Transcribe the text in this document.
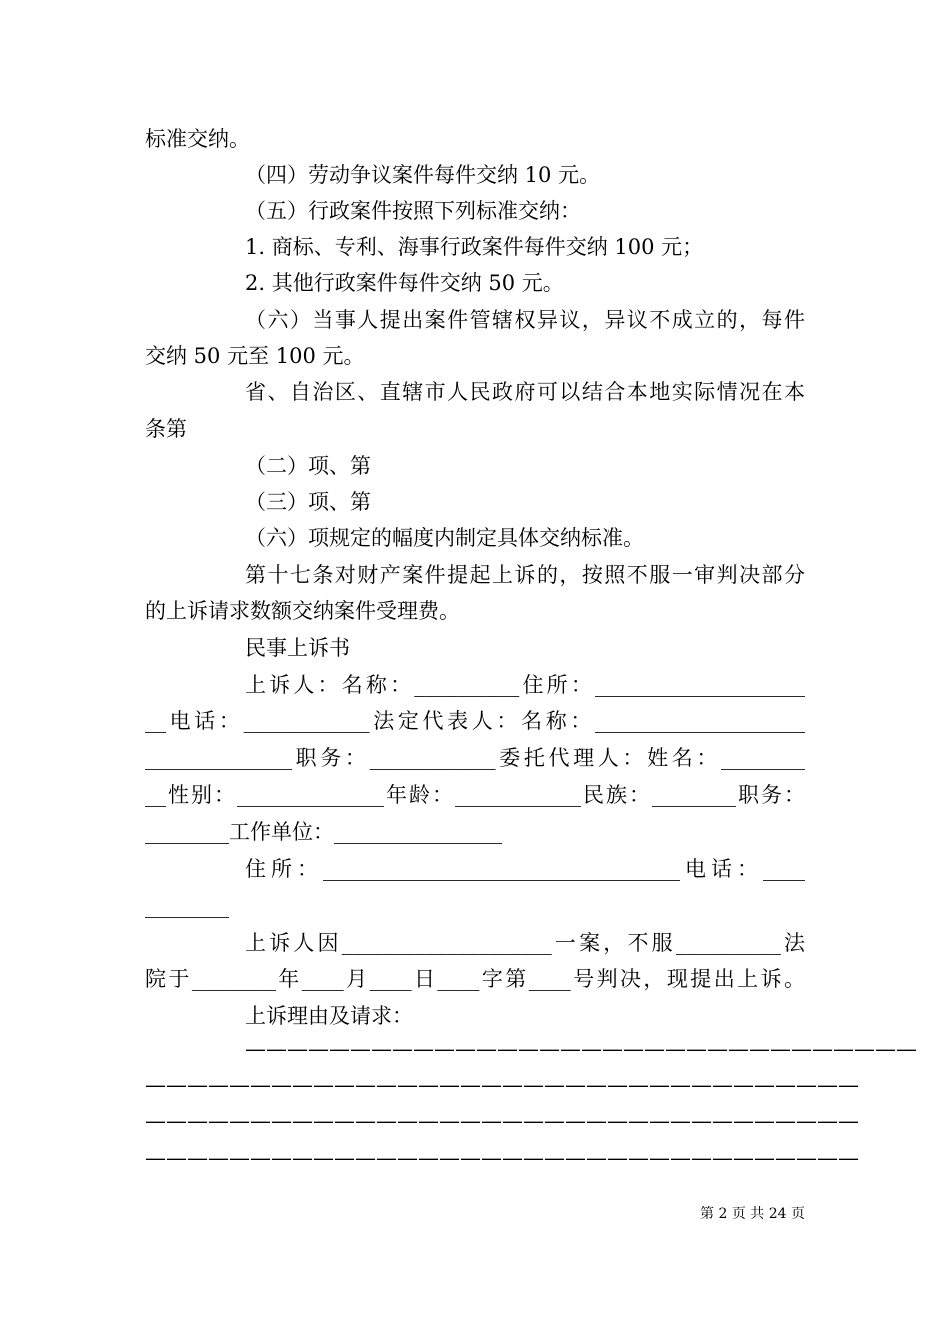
标准交纳。
（四）劳动争议案件每件交纳 10 元。
（五）行政案件按照下列标准交纳：
1. 商标、专利、海事行政案件每件交纳 100 元；
2. 其他行政案件每件交纳 50 元。
（六）当事人提出案件管辖权异议，异议不成立的，每件
交纳 50 元至 100 元。
省、自治区、直辖市人民政府可以结合本地实际情况在本
条第
（二）项、第
（三）项、第
（六）项规定的幅度内制定具体交纳标准。
第十七条对财产案件提起上诉的，按照不服一审判决部分
的上诉请求数额交纳案件受理费。
民事上诉书
上诉人：名称：__________住所：____________________
__电话：____________法定代表人：名称：____________________
______________职务：____________委托代理人：姓名：________
__性别：______________年龄：____________民族：________职务：
________工作单位：________________
住所：__________________________________电话：____
________
上诉人因____________________一案，不服__________法
院于________年____月____日____字第____号判决，现提出上诉。
上诉理由及请求：
————————————————————————————————
——————————————————————————————————
——————————————————————————————————
——————————————————————————————————
第 2 页 共 24 页
